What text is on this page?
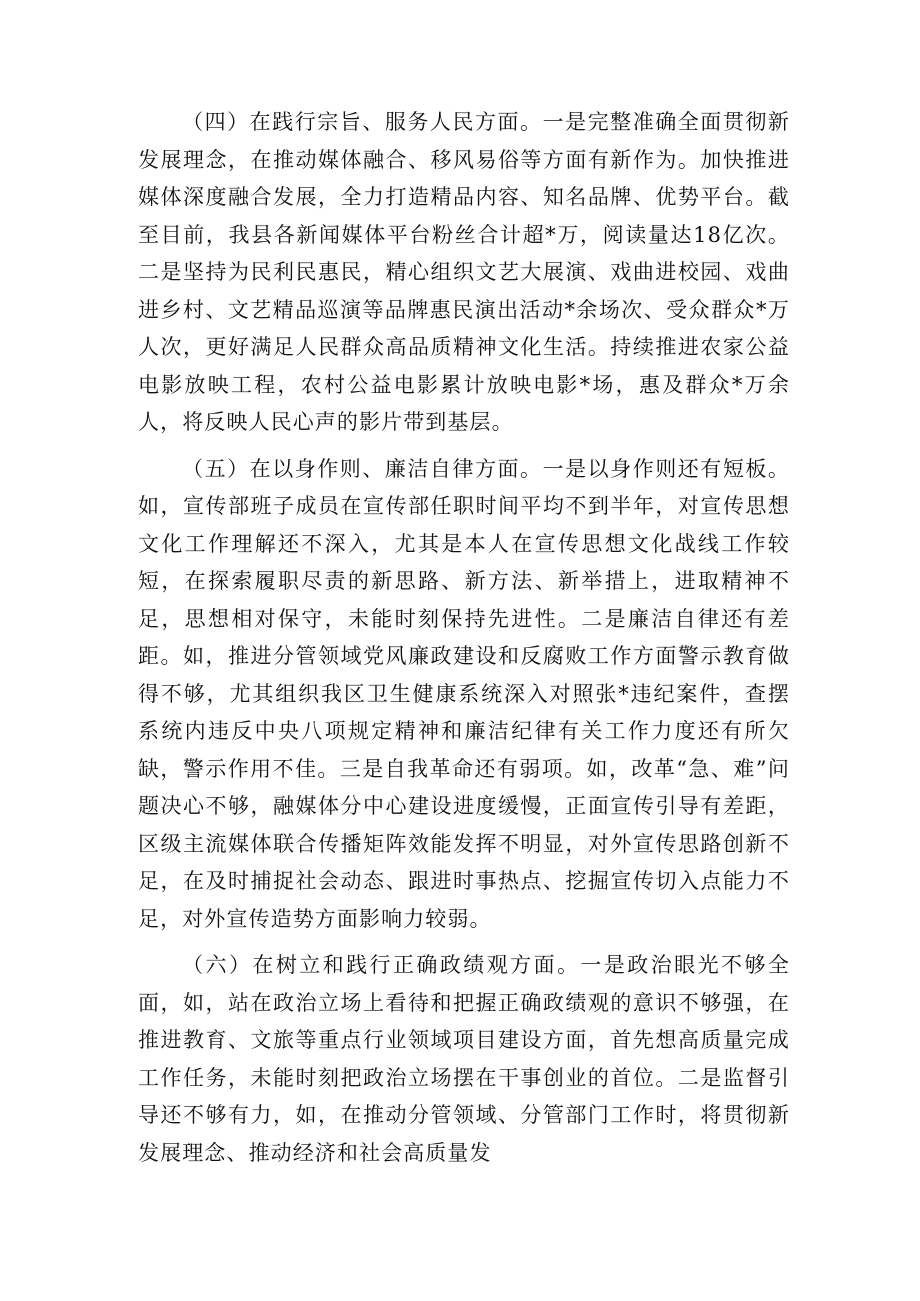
（四）在践行宗旨、服务人民方面。一是完整准确全面贯彻新发展理念，在推动媒体融合、移风易俗等方面有新作为。加快推进媒体深度融合发展，全力打造精品内容、知名品牌、优势平台。截至目前，我县各新闻媒体平台粉丝合计超*万，阅读量达18亿次。二是坚持为民利民惠民，精心组织文艺大展演、戏曲进校园、戏曲进乡村、文艺精品巡演等品牌惠民演出活动*余场次、受众群众*万人次，更好满足人民群众高品质精神文化生活。持续推进农家公益电影放映工程，农村公益电影累计放映电影*场，惠及群众*万余人，将反映人民心声的影片带到基层。

（五）在以身作则、廉洁自律方面。一是以身作则还有短板。如，宣传部班子成员在宣传部任职时间平均不到半年，对宣传思想文化工作理解还不深入，尤其是本人在宣传思想文化战线工作较短，在探索履职尽责的新思路、新方法、新举措上，进取精神不足，思想相对保守，未能时刻保持先进性。二是廉洁自律还有差距。如，推进分管领域党风廉政建设和反腐败工作方面警示教育做得不够，尤其组织我区卫生健康系统深入对照张*违纪案件，查摆系统内违反中央八项规定精神和廉洁纪律有关工作力度还有所欠缺，警示作用不佳。三是自我革命还有弱项。如，改革“急、难”问题决心不够，融媒体分中心建设进度缓慢，正面宣传引导有差距，区级主流媒体联合传播矩阵效能发挥不明显，对外宣传思路创新不足，在及时捕捉社会动态、跟进时事热点、挖掘宣传切入点能力不足，对外宣传造势方面影响力较弱。

（六）在树立和践行正确政绩观方面。一是政治眼光不够全面，如，站在政治立场上看待和把握正确政绩观的意识不够强，在推进教育、文旅等重点行业领域项目建设方面，首先想高质量完成工作任务，未能时刻把政治立场摆在干事创业的首位。二是监督引导还不够有力，如，在推动分管领域、分管部门工作时，将贯彻新发展理念、推动经济和社会高质量发
